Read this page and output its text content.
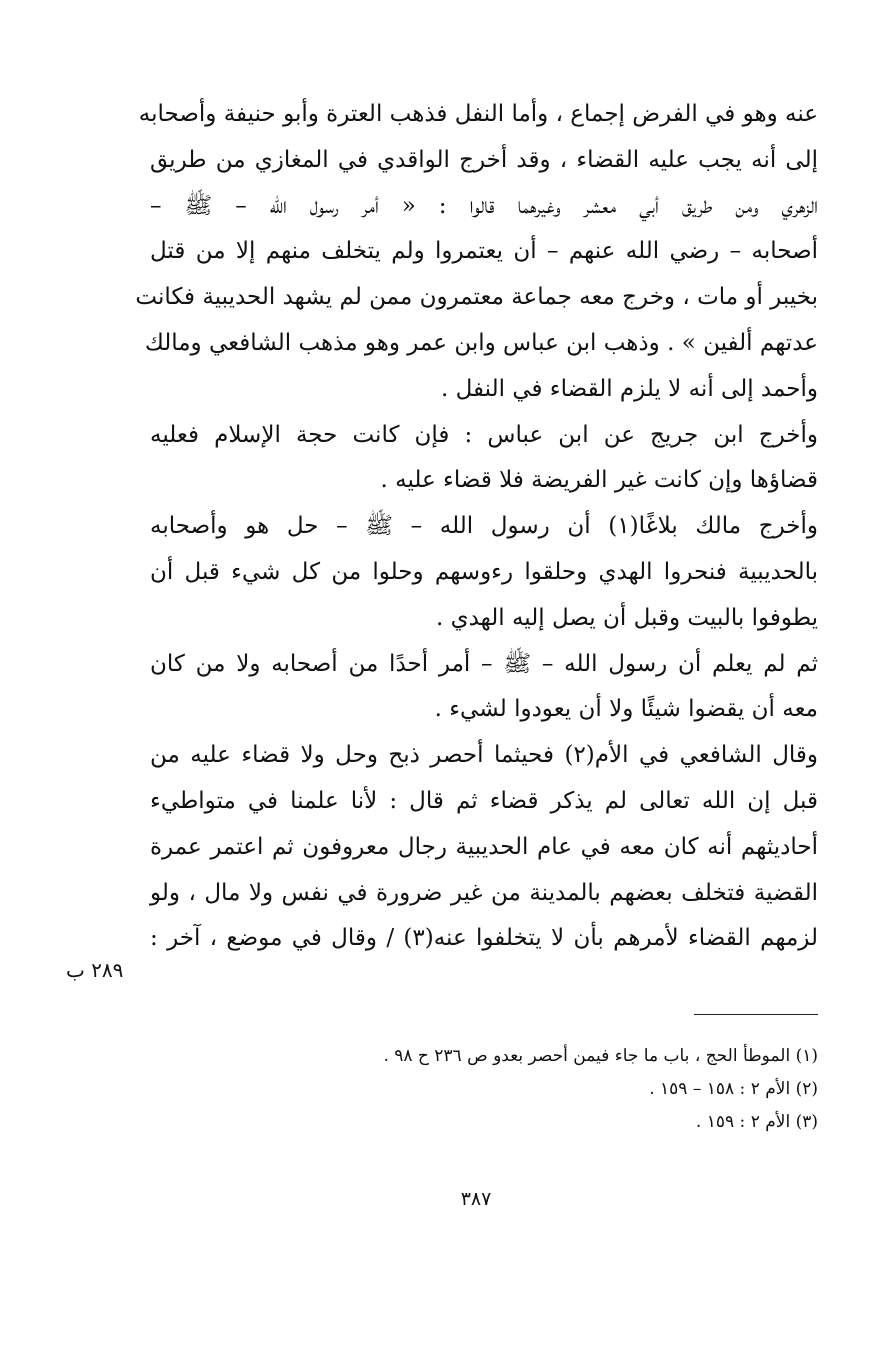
عنه وهو في الفرض إجماع ، وأما النفل فذهب العترة وأبو حنيفة وأصحابه
إلى أنه يجب عليه القضاء ، وقد أخرج الواقدي في المغازي من طريق
الزهري ومن طريق أبي معشر وغيرهما قالوا : « أمر رسول الله – ﷺ –
أصحابه – رضي الله عنهم – أن يعتمروا ولم يتخلف منهم إلا من قتل
بخيبر أو مات ، وخرج معه جماعة معتمرون ممن لم يشهد الحديبية فكانت
عدتهم ألفين » . وذهب ابن عباس وابن عمر وهو مذهب الشافعي ومالك
وأحمد إلى أنه لا يلزم القضاء في النفل .
وأخرج ابن جريج عن ابن عباس : فإن كانت حجة الإسلام فعليه
قضاؤها وإن كانت غير الفريضة فلا قضاء عليه .
وأخرج مالك بلاغًا(١) أن رسول الله – ﷺ – حل هو وأصحابه
بالحديبية فنحروا الهدي وحلقوا رءوسهم وحلوا من كل شيء قبل أن
يطوفوا بالبيت وقبل أن يصل إليه الهدي .
ثم لم يعلم أن رسول الله – ﷺ – أمر أحدًا من أصحابه ولا من كان
معه أن يقضوا شيئًا ولا أن يعودوا لشيء .
وقال الشافعي في الأم(٢) فحيثما أحصر ذبح وحل ولا قضاء عليه من
قبل إن الله تعالى لم يذكر قضاء ثم قال : لأنا علمنا في متواطيء
أحاديثهم أنه كان معه في عام الحديبية رجال معروفون ثم اعتمر عمرة
القضية فتخلف بعضهم بالمدينة من غير ضرورة في نفس ولا مال ، ولو
لزمهم القضاء لأمرهم بأن لا يتخلفوا عنه(٣) / وقال في موضع ، آخر :
٢٨٩ ب
(١) الموطأ الحج ، باب ما جاء فيمن أحصر بعدو ص ٢٣٦ ح ٩٨ .
(٢) الأم ٢ : ١٥٨ – ١٥٩ .
(٣) الأم ٢ : ١٥٩ .
٣٨٧
